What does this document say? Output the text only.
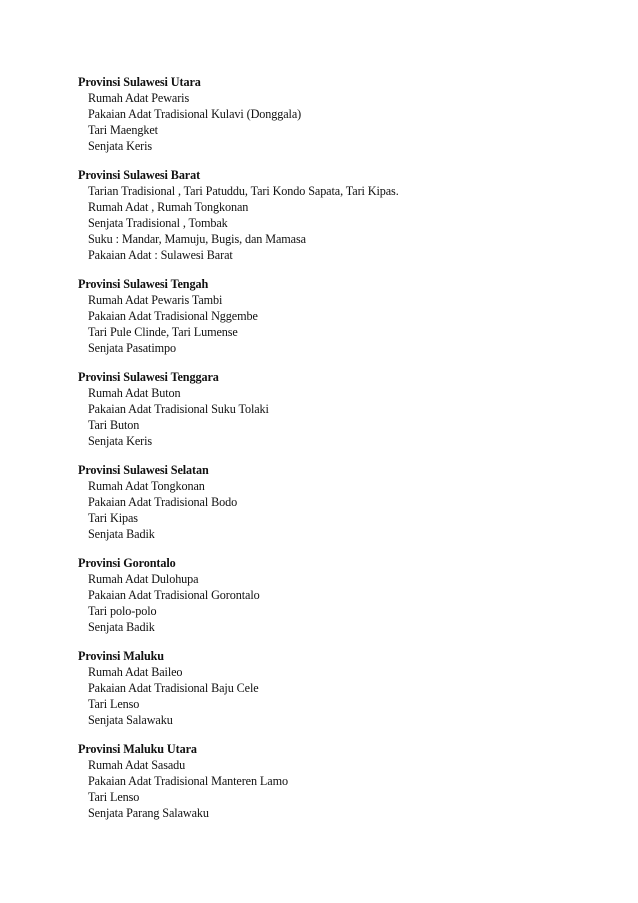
Provinsi Sulawesi Utara
Rumah Adat Pewaris
Pakaian Adat Tradisional Kulavi (Donggala)
Tari Maengket
Senjata Keris
Provinsi Sulawesi Barat
Tarian Tradisional , Tari Patuddu, Tari Kondo Sapata, Tari Kipas.
Rumah Adat , Rumah Tongkonan
Senjata Tradisional , Tombak
Suku : Mandar, Mamuju, Bugis, dan Mamasa
Pakaian Adat : Sulawesi Barat
Provinsi Sulawesi Tengah
Rumah Adat Pewaris Tambi
Pakaian Adat Tradisional Nggembe
Tari Pule Clinde, Tari Lumense
Senjata Pasatimpo
Provinsi Sulawesi Tenggara
Rumah Adat Buton
Pakaian Adat Tradisional Suku Tolaki
Tari Buton
Senjata Keris
Provinsi Sulawesi Selatan
Rumah Adat Tongkonan
Pakaian Adat Tradisional Bodo
Tari Kipas
Senjata Badik
Provinsi Gorontalo
Rumah Adat Dulohupa
Pakaian Adat Tradisional Gorontalo
Tari polo-polo
Senjata Badik
Provinsi Maluku
Rumah Adat Baileo
Pakaian Adat Tradisional Baju Cele
Tari Lenso
Senjata Salawaku
Provinsi Maluku Utara
Rumah Adat Sasadu
Pakaian Adat Tradisional Manteren Lamo
Tari Lenso
Senjata Parang Salawaku
